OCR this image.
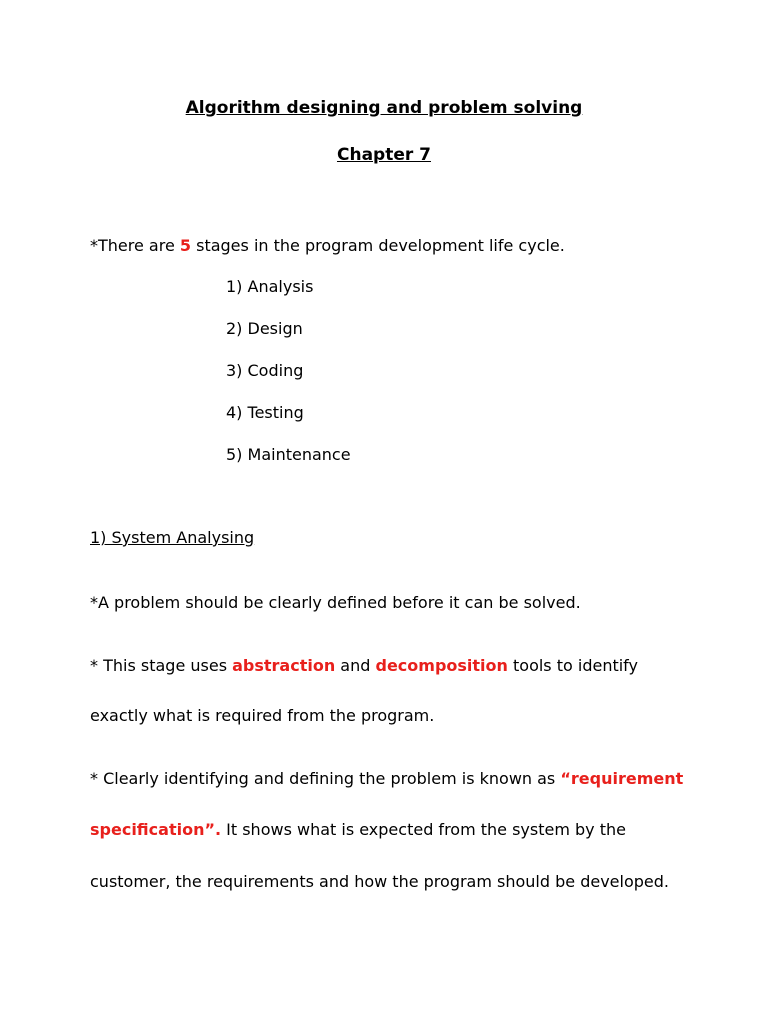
Algorithm designing and problem solving
Chapter 7
*There are 5 stages in the program development life cycle.
1) Analysis
2) Design
3) Coding
4) Testing
5) Maintenance
1) System Analysing
*A problem should be clearly defined before it can be solved.
* This stage uses abstraction and decomposition tools to identify
exactly what is required from the program.
* Clearly identifying and defining the problem is known as “requirement
specification”. It shows what is expected from the system by the
customer, the requirements and how the program should be developed.
